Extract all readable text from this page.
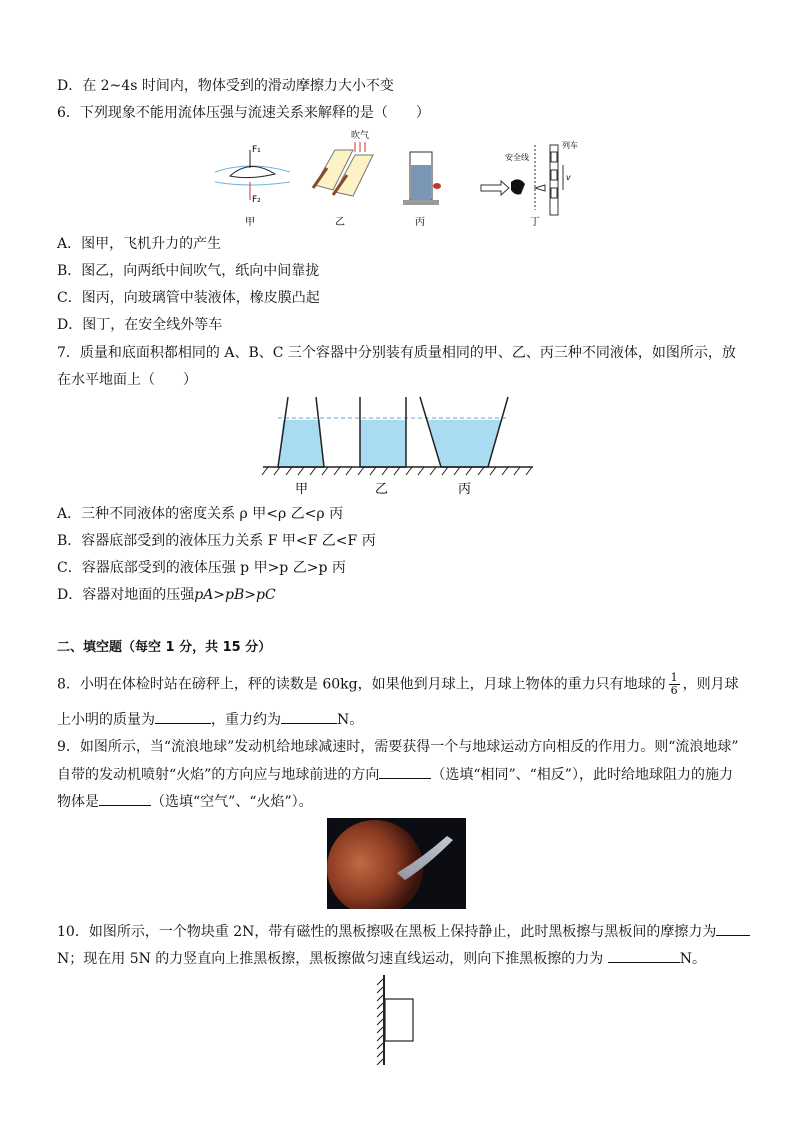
D．在 2~4s 时间内，物体受到的滑动摩擦力大小不变
6．下列现象不能用流体压强与流速关系来解释的是（　　）
F₁
F₂
甲
吹气
乙	丙
安全线
v
列车
丁
A．图甲，飞机升力的产生
B．图乙，向两纸中间吹气，纸向中间靠拢
C．图丙，向玻璃管中装液体，橡皮膜凸起
D．图丁，在安全线外等车
7．质量和底面积都相同的 A、B、C 三个容器中分别装有质量相同的甲、乙、丙三种不同液体，如图所示，放
在水平地面上（　　）
甲	乙	丙
A．三种不同液体的密度关系 ρ 甲<ρ 乙<ρ 丙
B．容器底部受到的液体压力关系 F 甲<F 乙<F 丙
C．容器底部受到的液体压强 p 甲>p 乙>p 丙
D．容器对地面的压强pA>pB>pC
二、填空题（每空 1 分，共 15 分）
8．小明在体检时站在磅秤上，秤的读数是 60kg，如果他到月球上，月球上物体的重力只有地球的 $\frac{1}{6}$ ，则月球
上小明的质量为	，重力约为	N。
9．如图所示，当“流浪地球”发动机给地球减速时，需要获得一个与地球运动方向相反的作用力。则“流浪地球”
自带的发动机喷射“火焰”的方向应与地球前进的方向	（选填“相同”、“相反”），此时给地球阻力的施力
物体是	（选填“空气”、“火焰”）。
10．如图所示，一个物块重 2N，带有磁性的黑板擦吸在黑板上保持静止，此时黑板擦与黑板间的摩擦力为
N；现在用 5N 的力竖直向上推黑板擦，黑板擦做匀速直线运动，则向下推黑板擦的力为	N。
